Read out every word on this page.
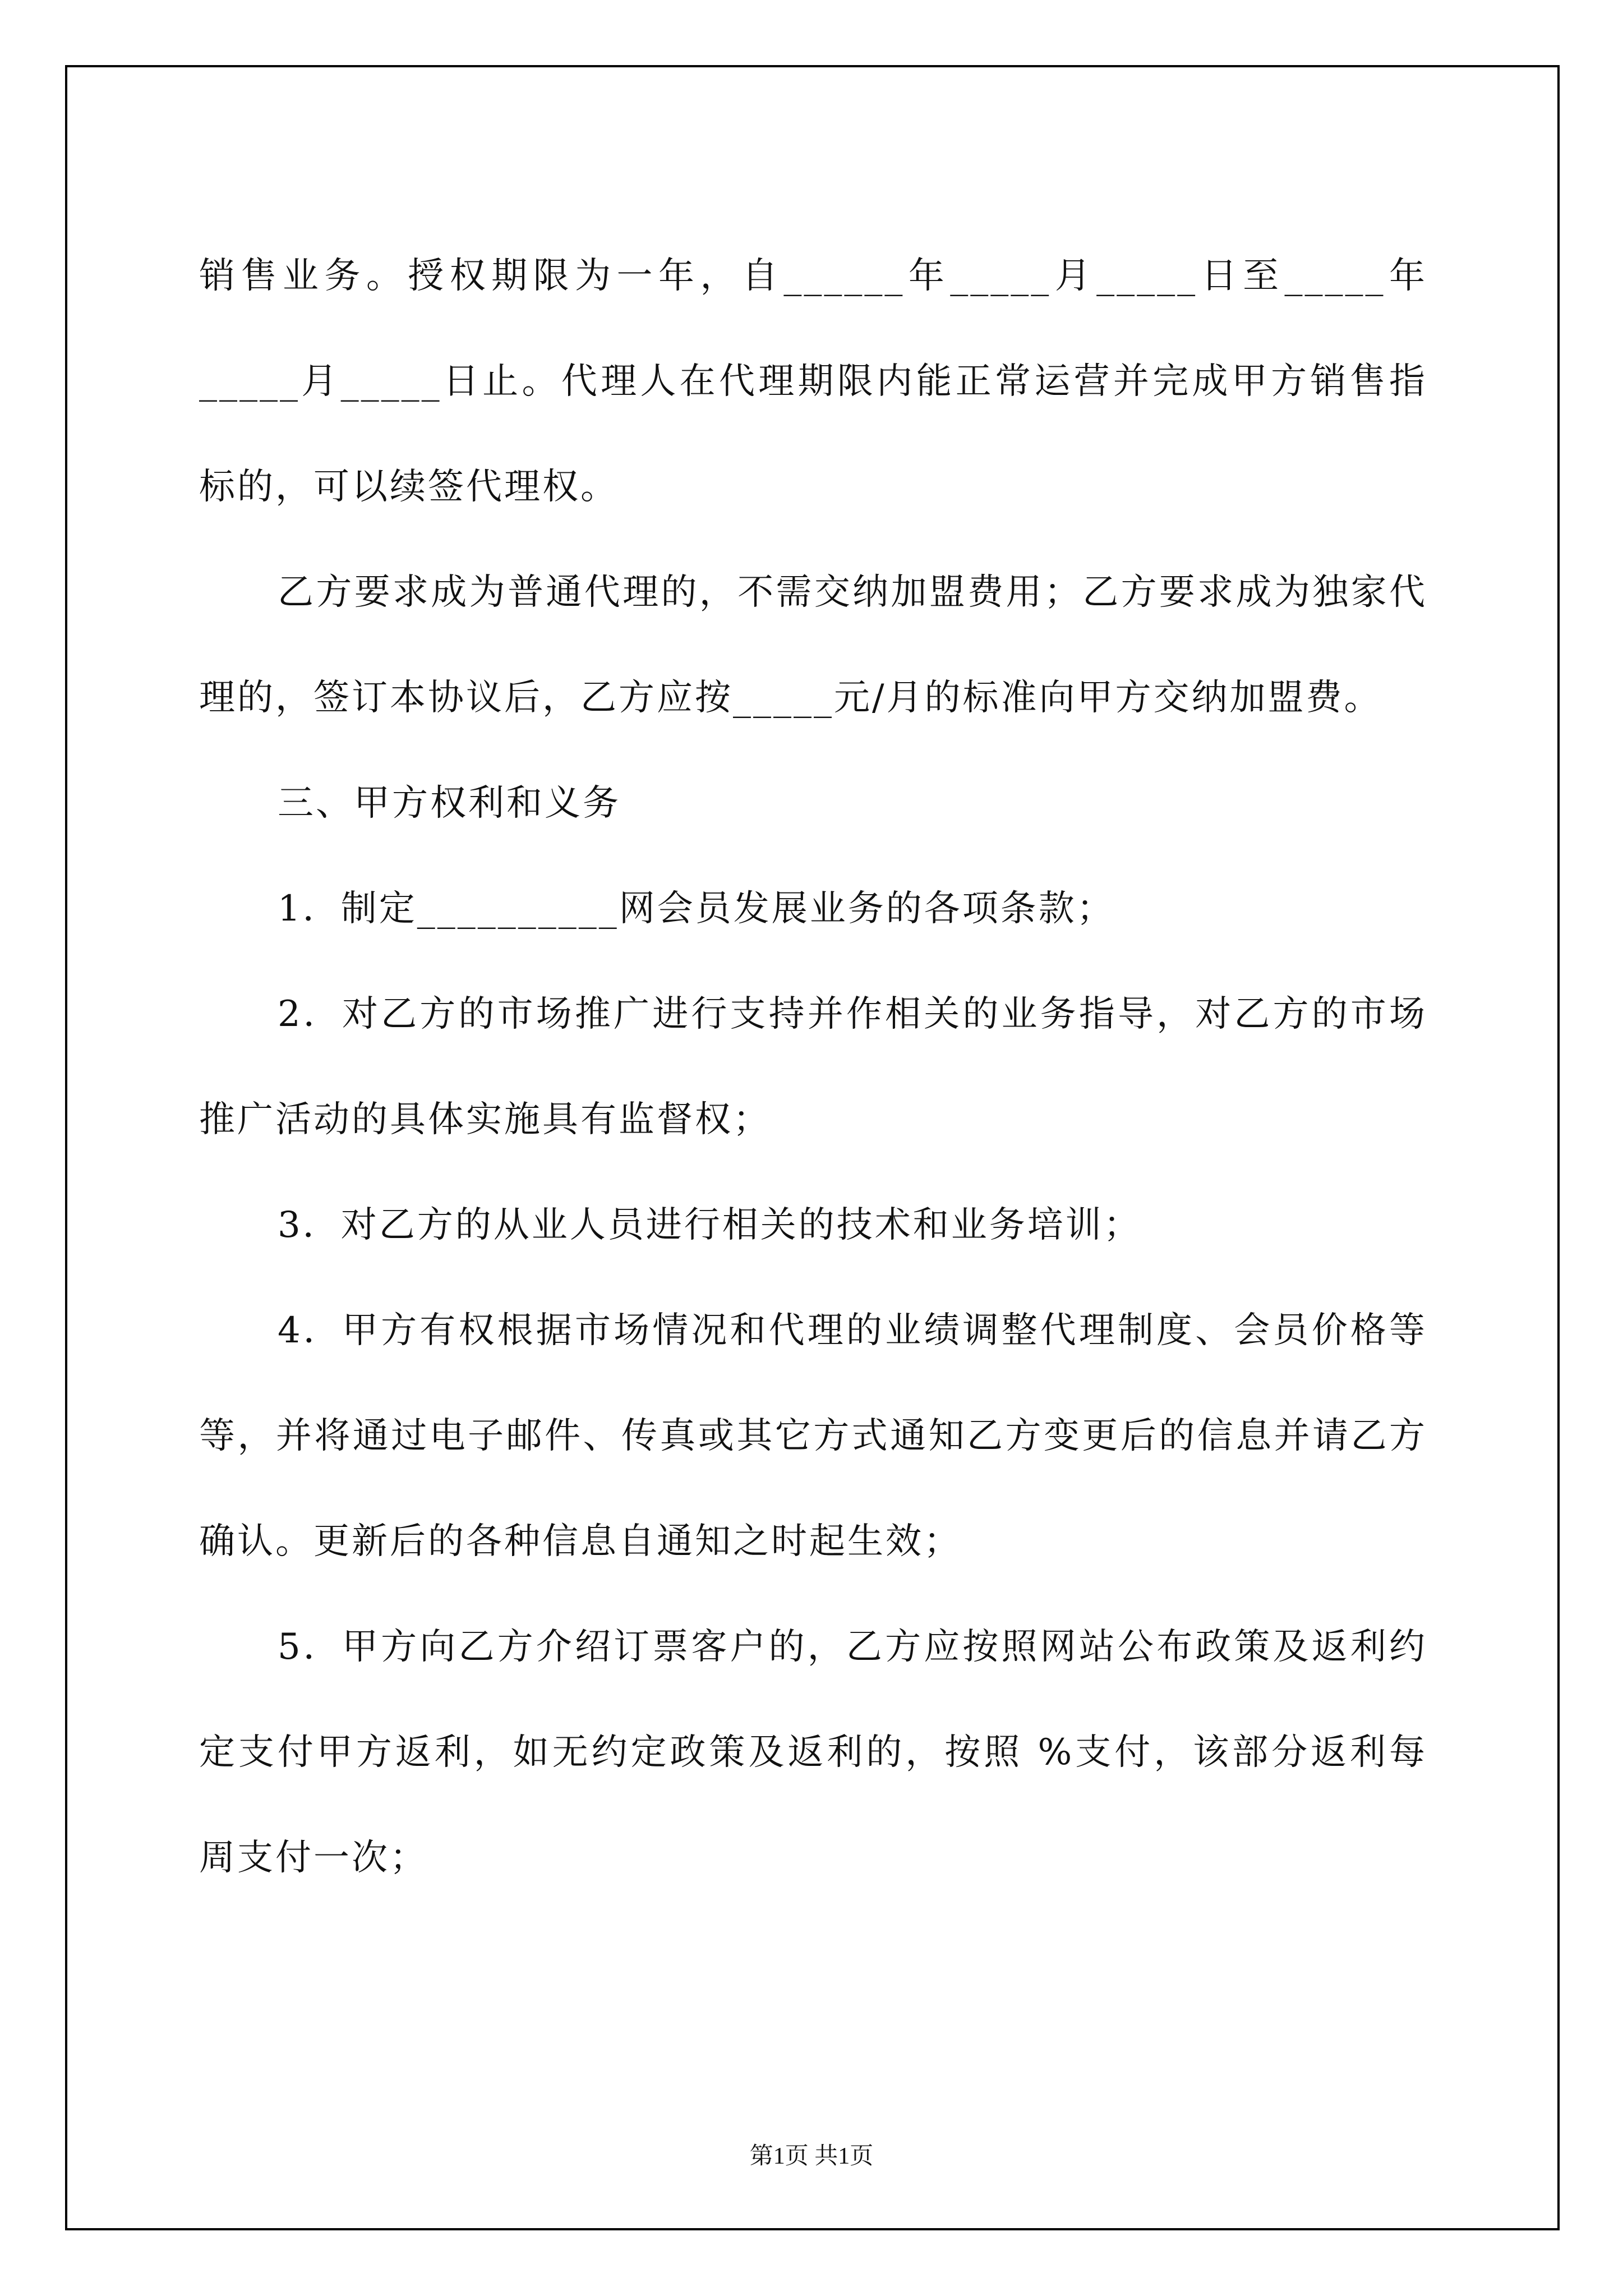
销售业务。授权期限为一年，自______年_____月_____日至_____年_____月_____日止。代理人在代理期限内能正常运营并完成甲方销售指标的，可以续签代理权。

乙方要求成为普通代理的，不需交纳加盟费用；乙方要求成为独家代理的，签订本协议后，乙方应按_____元/月的标准向甲方交纳加盟费。

三、甲方权利和义务

1．制定__________网会员发展业务的各项条款；

2．对乙方的市场推广进行支持并作相关的业务指导，对乙方的市场推广活动的具体实施具有监督权；

3．对乙方的从业人员进行相关的技术和业务培训；

4．甲方有权根据市场情况和代理的业绩调整代理制度、会员价格等等，并将通过电子邮件、传真或其它方式通知乙方变更后的信息并请乙方确认。更新后的各种信息自通知之时起生效；

5．甲方向乙方介绍订票客户的，乙方应按照网站公布政策及返利约定支付甲方返利，如无约定政策及返利的，按照 %支付，该部分返利每周支付一次；

第1页 共1页
